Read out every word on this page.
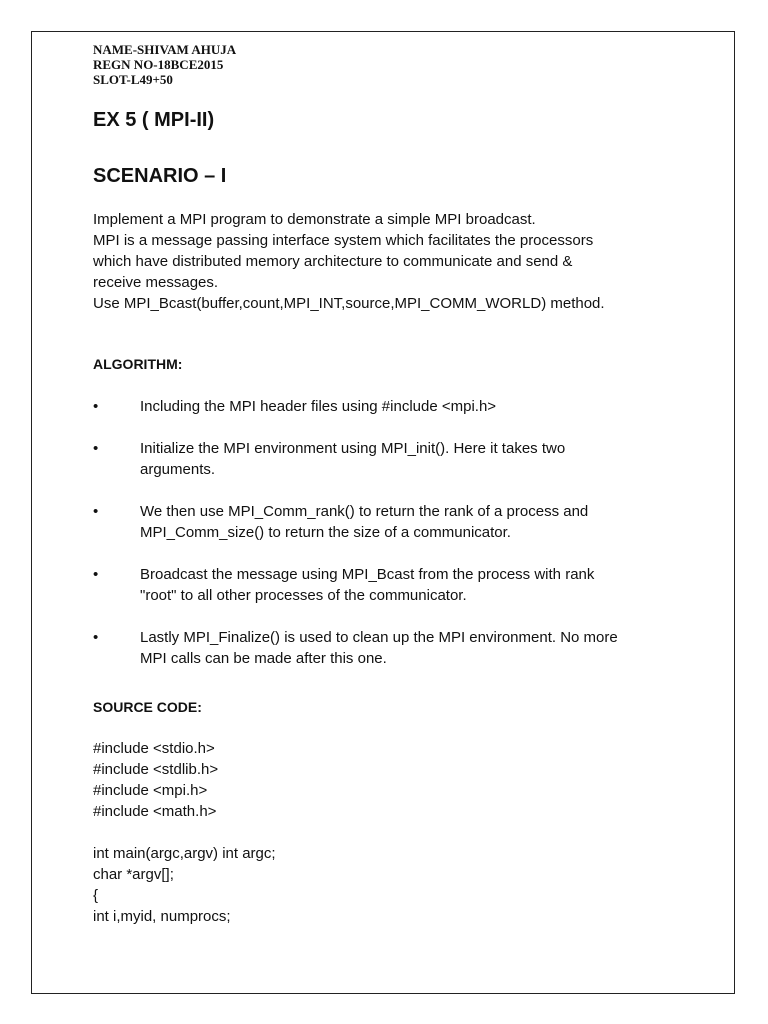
NAME-SHIVAM AHUJA
REGN NO-18BCE2015
SLOT-L49+50
EX 5 ( MPI-II)
SCENARIO – I
Implement a MPI program to demonstrate a simple MPI broadcast.
MPI is a message passing interface system which facilitates the processors
which have distributed memory architecture to communicate and send &
receive messages.
Use MPI_Bcast(buffer,count,MPI_INT,source,MPI_COMM_WORLD) method.
ALGORITHM:
•	Including the MPI header files using #include <mpi.h>
•	Initialize the MPI environment using MPI_init(). Here it takes two
arguments.
•	We then use MPI_Comm_rank() to return the rank of a process and
MPI_Comm_size() to return the size of a communicator.
•	Broadcast the message using MPI_Bcast from the process with rank
"root" to all other processes of the communicator.
•	Lastly MPI_Finalize() is used to clean up the MPI environment. No more
MPI calls can be made after this one.
SOURCE CODE:
#include <stdio.h>
#include <stdlib.h>
#include <mpi.h>
#include <math.h>
int main(argc,argv) int argc;
char *argv[];
{
int i,myid, numprocs;
